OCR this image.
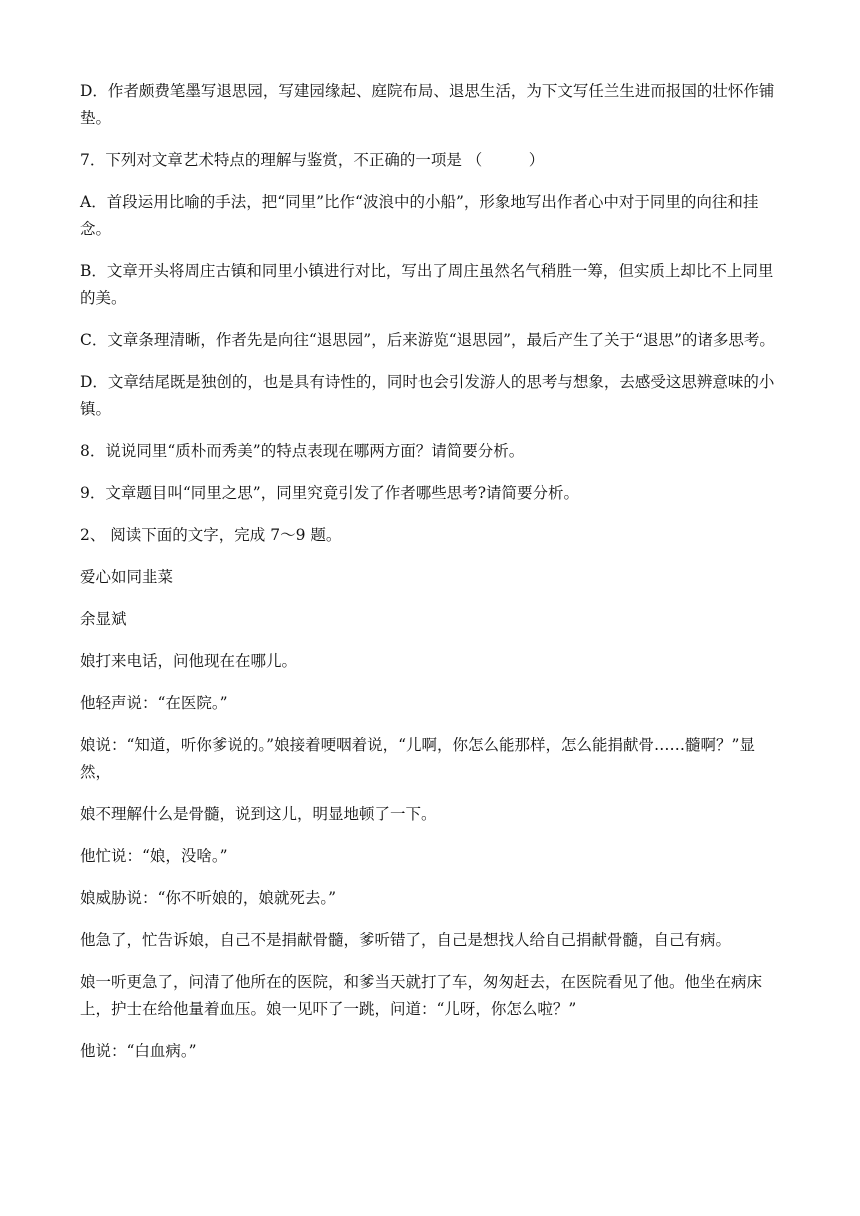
D．作者颇费笔墨写退思园，写建园缘起、庭院布局、退思生活，为下文写任兰生进而报国的壮怀作铺垫。

7．下列对文章艺术特点的理解与鉴赏，不正确的一项是 （　　　）

A．首段运用比喻的手法，把“同里”比作“波浪中的小船”，形象地写出作者心中对于同里的向往和挂念。

B．文章开头将周庄古镇和同里小镇进行对比，写出了周庄虽然名气稍胜一筹，但实质上却比不上同里的美。

C．文章条理清晰，作者先是向往“退思园”，后来游览“退思园”，最后产生了关于“退思”的诸多思考。

D．文章结尾既是独创的，也是具有诗性的，同时也会引发游人的思考与想象，去感受这思辨意味的小镇。

8．说说同里“质朴而秀美”的特点表现在哪两方面？请简要分析。

9．文章题目叫“同里之思”，同里究竟引发了作者哪些思考?请简要分析。

2、 阅读下面的文字，完成 7～9 题。

爱心如同韭菜

余显斌

娘打来电话，问他现在在哪儿。

他轻声说：“在医院。”

娘说：“知道，听你爹说的。”娘接着哽咽着说，“儿啊，你怎么能那样，怎么能捐献骨……髓啊？”显然，

娘不理解什么是骨髓，说到这儿，明显地顿了一下。

他忙说：“娘，没啥。”

娘威胁说：“你不听娘的，娘就死去。”

他急了，忙告诉娘，自己不是捐献骨髓，爹听错了，自己是想找人给自己捐献骨髓，自己有病。

娘一听更急了，问清了他所在的医院，和爹当天就打了车，匆匆赶去，在医院看见了他。他坐在病床上，护士在给他量着血压。娘一见吓了一跳，问道：“儿呀，你怎么啦？”

他说：“白血病。”
